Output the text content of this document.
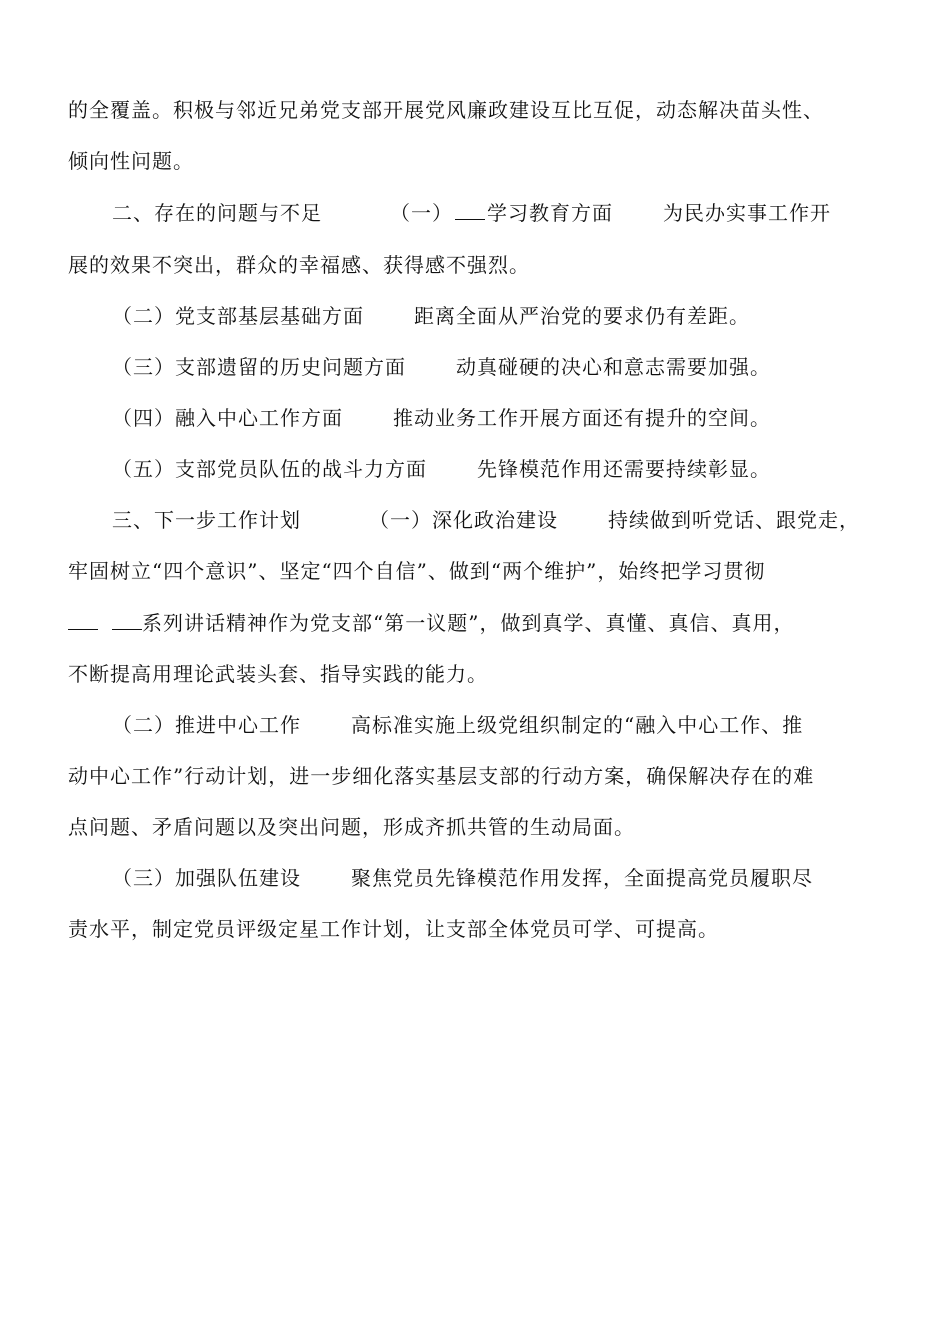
的全覆盖。积极与邻近兄弟党支部开展党风廉政建设互比互促，动态解决苗头性、
倾向性问题。
二、存在的问题与不足	（一） 学习教育方面	为民办实事工作开
展的效果不突出，群众的幸福感、获得感不强烈。
（二）党支部基层基础方面	距离全面从严治党的要求仍有差距。
（三）支部遗留的历史问题方面	动真碰硬的决心和意志需要加强。
（四）融入中心工作方面	推动业务工作开展方面还有提升的空间。
（五）支部党员队伍的战斗力方面	先锋模范作用还需要持续彰显。
三、下一步工作计划	（一）深化政治建设	持续做到听党话、跟党走，
牢固树立“四个意识”、坚定“四个自信”、做到“两个维护”，始终把学习贯彻
系列讲话精神作为党支部“第一议题”，做到真学、真懂、真信、真用，
不断提高用理论武装头套、指导实践的能力。
（二）推进中心工作	高标准实施上级党组织制定的“融入中心工作、推
动中心工作”行动计划，进一步细化落实基层支部的行动方案，确保解决存在的难
点问题、矛盾问题以及突出问题，形成齐抓共管的生动局面。
（三）加强队伍建设	聚焦党员先锋模范作用发挥，全面提高党员履职尽
责水平，制定党员评级定星工作计划，让支部全体党员可学、可提高。
